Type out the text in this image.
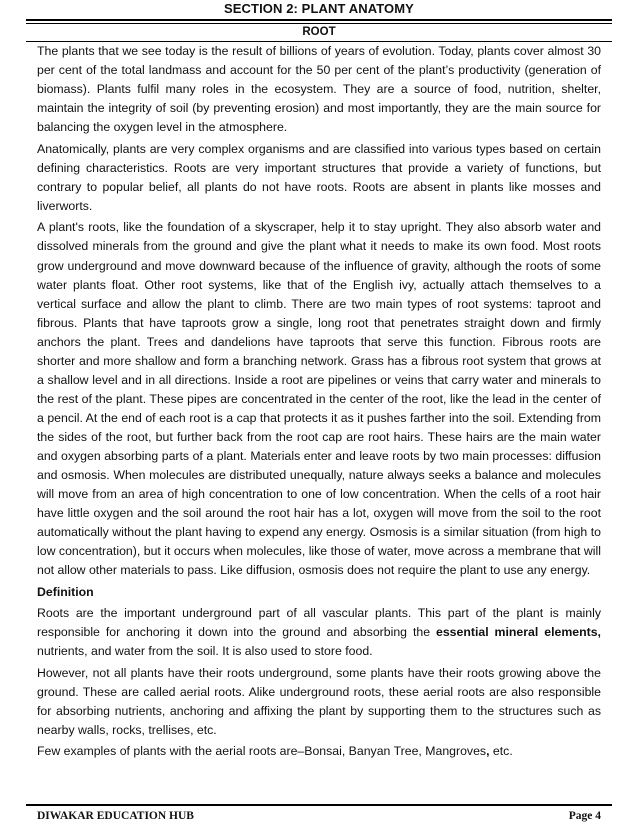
SECTION 2: PLANT ANATOMY
ROOT

The plants that we see today is the result of billions of years of evolution. Today, plants cover almost 30 per cent of the total landmass and account for the 50 per cent of the plant’s productivity (generation of biomass). Plants fulfil many roles in the ecosystem. They are a source of food, nutrition, shelter, maintain the integrity of soil (by preventing erosion) and most importantly, they are the main source for balancing the oxygen level in the atmosphere.

Anatomically, plants are very complex organisms and are classified into various types based on certain defining characteristics. Roots are very important structures that provide a variety of functions, but contrary to popular belief, all plants do not have roots. Roots are absent in plants like mosses and liverworts.

A plant's roots, like the foundation of a skyscraper, help it to stay upright. They also absorb water and dissolved minerals from the ground and give the plant what it needs to make its own food. Most roots grow underground and move downward because of the influence of gravity, although the roots of some water plants float. Other root systems, like that of the English ivy, actually attach themselves to a vertical surface and allow the plant to climb. There are two main types of root systems: taproot and fibrous. Plants that have taproots grow a single, long root that penetrates straight down and firmly anchors the plant. Trees and dandelions have taproots that serve this function. Fibrous roots are shorter and more shallow and form a branching network. Grass has a fibrous root system that grows at a shallow level and in all directions. Inside a root are pipelines or veins that carry water and minerals to the rest of the plant. These pipes are concentrated in the center of the root, like the lead in the center of a pencil. At the end of each root is a cap that protects it as it pushes farther into the soil. Extending from the sides of the root, but further back from the root cap are root hairs. These hairs are the main water and oxygen absorbing parts of a plant. Materials enter and leave roots by two main processes: diffusion and osmosis. When molecules are distributed unequally, nature always seeks a balance and molecules will move from an area of high concentration to one of low concentration. When the cells of a root hair have little oxygen and the soil around the root hair has a lot, oxygen will move from the soil to the root automatically without the plant having to expend any energy. Osmosis is a similar situation (from high to low concentration), but it occurs when molecules, like those of water, move across a membrane that will not allow other materials to pass. Like diffusion, osmosis does not require the plant to use any energy.

Definition

Roots are the important underground part of all vascular plants. This part of the plant is mainly responsible for anchoring it down into the ground and absorbing the essential mineral elements, nutrients, and water from the soil. It is also used to store food.

However, not all plants have their roots underground, some plants have their roots growing above the ground. These are called aerial roots. Alike underground roots, these aerial roots are also responsible for absorbing nutrients, anchoring and affixing the plant by supporting them to the structures such as nearby walls, rocks, trellises, etc.

Few examples of plants with the aerial roots are–Bonsai, Banyan Tree, Mangroves, etc.

DIWAKAR EDUCATION HUB	Page 4
